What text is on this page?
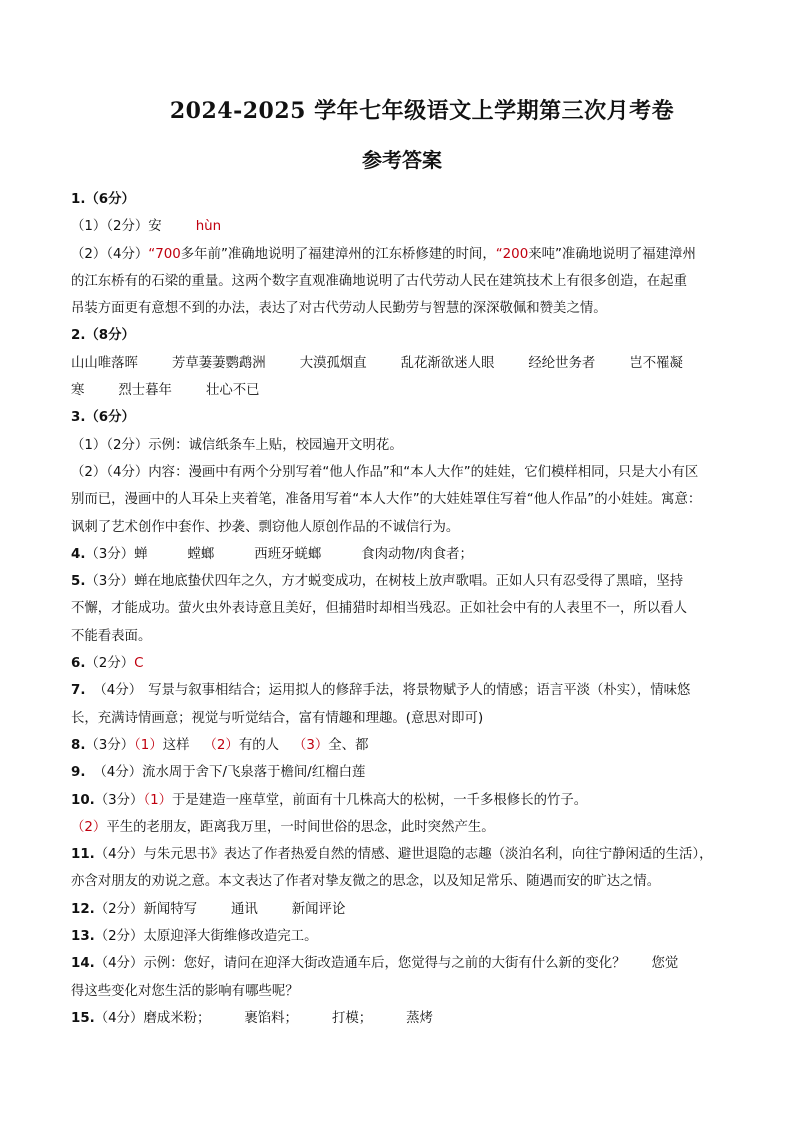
2024-2025 学年七年级语文上学期第三次月考卷
参考答案
1.（6分）
（1）（2分）安	hùn
（2）（4分）“700多年前”准确地说明了福建漳州的江东桥修建的时间，“200来吨”准确地说明了福建漳州
的江东桥有的石梁的重量。这两个数字直观准确地说明了古代劳动人民在建筑技术上有很多创造，在起重
吊装方面更有意想不到的办法，表达了对古代劳动人民勤劳与智慧的深深敬佩和赞美之情。
2.（8分）
山山唯落晖	芳草萋萋鹦鹉洲	大漠孤烟直	乱花渐欲迷人眼	经纶世务者	岂不罹凝
寒	烈士暮年	壮心不已
3.（6分）
（1）（2分）示例：诚信纸条车上贴，校园遍开文明花。
（2）（4分）内容：漫画中有两个分别写着“他人作品”和“本人大作”的娃娃，它们模样相同，只是大小有区
别而已，漫画中的人耳朵上夹着笔，准备用写着“本人大作”的大娃娃罩住写着“他人作品”的小娃娃。寓意：
讽刺了艺术创作中套作、抄袭、剽窃他人原创作品的不诚信行为。
4.（3分）蝉	螳螂	西班牙蜣螂	食肉动物/肉食者；
5.（3分）蝉在地底蛰伏四年之久，方才蜕变成功，在树枝上放声歌唱。正如人只有忍受得了黑暗，坚持
不懈，才能成功。萤火虫外表诗意且美好，但捕猎时却相当残忍。正如社会中有的人表里不一，所以看人
不能看表面。
6.（2分）C
7. （4分） 写景与叙事相结合；运用拟人的修辞手法，将景物赋予人的情感；语言平淡（朴实），情味悠
长，充满诗情画意；视觉与听觉结合，富有情趣和理趣。(意思对即可)
8.（3分）（1）这样 （2）有的人 （3）全、都
9. （4分）流水周于舍下/飞泉落于檐间/红榴白莲
10.（3分）（1）于是建造一座草堂，前面有十几株高大的松树，一千多根修长的竹子。
（2）平生的老朋友，距离我万里，一时间世俗的思念，此时突然产生。
11.（4分）与朱元思书》表达了作者热爱自然的情感、避世退隐的志趣（淡泊名利，向往宁静闲适的生活），
亦含对朋友的劝说之意。本文表达了作者对挚友微之的思念，以及知足常乐、随遇而安的旷达之情。
12.（2分）新闻特写	通讯	新闻评论
13.（2分）太原迎泽大街维修改造完工。
14.（4分）示例：您好，请问在迎泽大街改造通车后，您觉得与之前的大街有什么新的变化？ 您觉
得这些变化对您生活的影响有哪些呢？
15.（4分）磨成米粉；	裹馅料；	打模；	蒸烤
